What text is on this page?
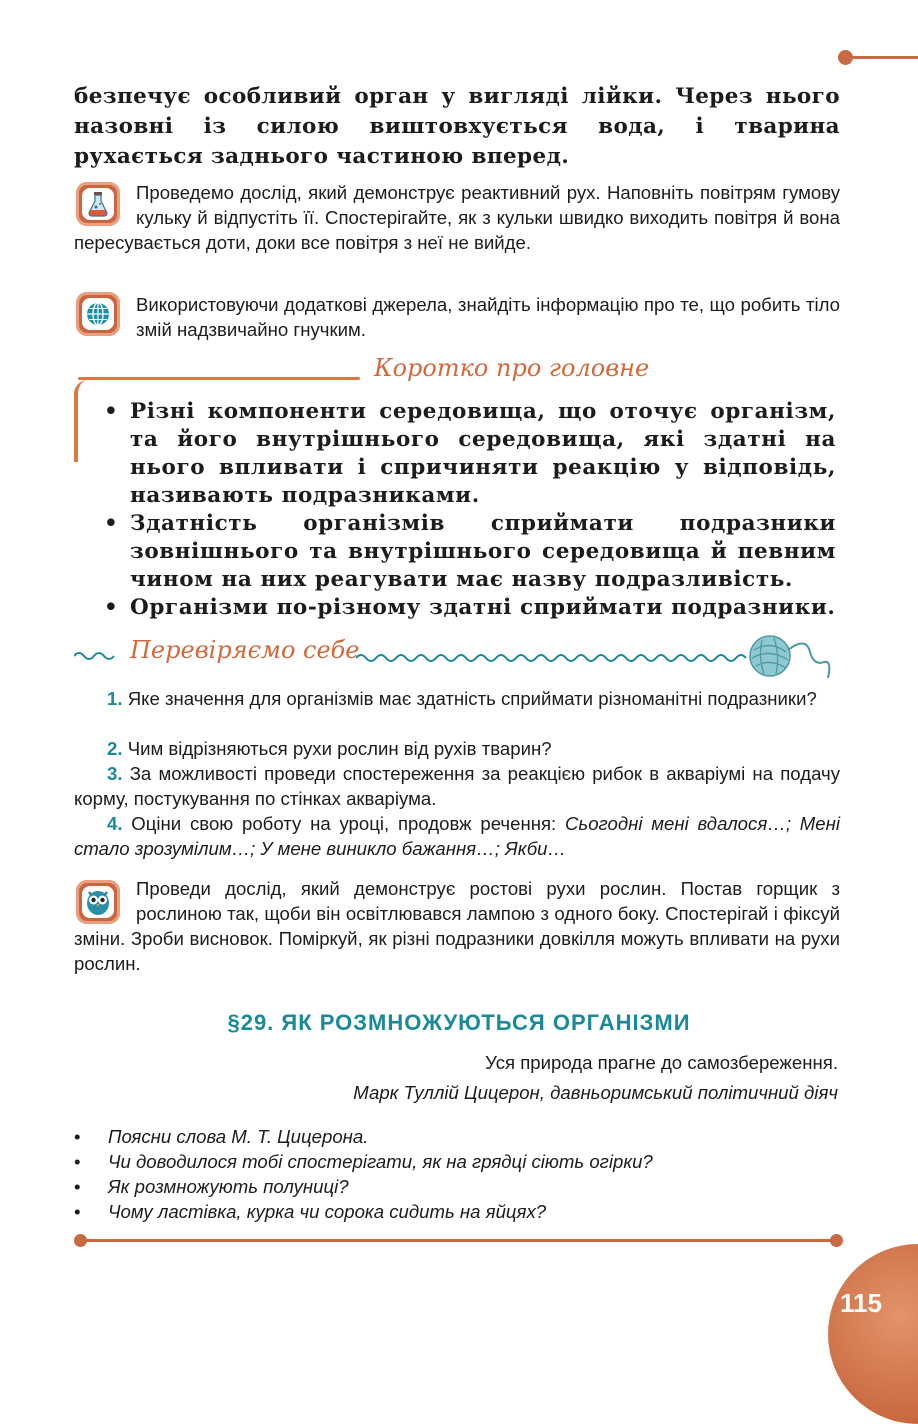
безпечує особливий орган у вигляді лійки. Через нього назовні із силою виштовхується вода, і тварина рухається заднього частиною вперед.
Проведемо дослід, який демонструє реактивний рух. Наповніть повітрям гумову кульку й відпустіть її. Спостерігайте, як з кульки швидко виходить повітря й вона пересувається доти, доки все повітря з неї не вийде.
Використовуючи додаткові джерела, знайдіть інформацію про те, що робить тіло змій надзвичайно гнучким.
Коротко про головне
• Різні компоненти середовища, що оточує організм, та його внутрішнього середовища, які здатні на нього впливати і спричиняти реакцію у відповідь, називають подразниками.
• Здатність організмів сприймати подразники зовнішнього та внутрішнього середовища й певним чином на них реагувати має назву подразливість.
• Організми по-різному здатні сприймати подразники.
Перевіряємо себе
1. Яке значення для організмів має здатність сприймати різноманітні подразники?
2. Чим відрізняються рухи рослин від рухів тварин?
3. За можливості проведи спостереження за реакцією рибок в акваріумі на подачу корму, постукування по стінках акваріума.
4. Оціни свою роботу на уроці, продовж речення: Сьогодні мені вдалося…; Мені стало зрозумілим…; У мене виникло бажання…; Якби…
Проведи дослід, який демонструє ростові рухи рослин. Постав горщик з рослиною так, щоби він освітлювався лампою з одного боку. Спостерігай і фіксуй зміни. Зроби висновок. Поміркуй, як різні подразники довкілля можуть впливати на рухи рослин.
§29. ЯК РОЗМНОЖУЮТЬСЯ ОРГАНІЗМИ
Уся природа прагне до самозбереження.
Марк Туллій Цицерон, давньоримський політичний діяч
• Поясни слова М. Т. Цицерона.
• Чи доводилося тобі спостерігати, як на грядці сіють огірки?
• Як розмножують полуниці?
• Чому ластівка, курка чи сорока сидить на яйцях?
115
